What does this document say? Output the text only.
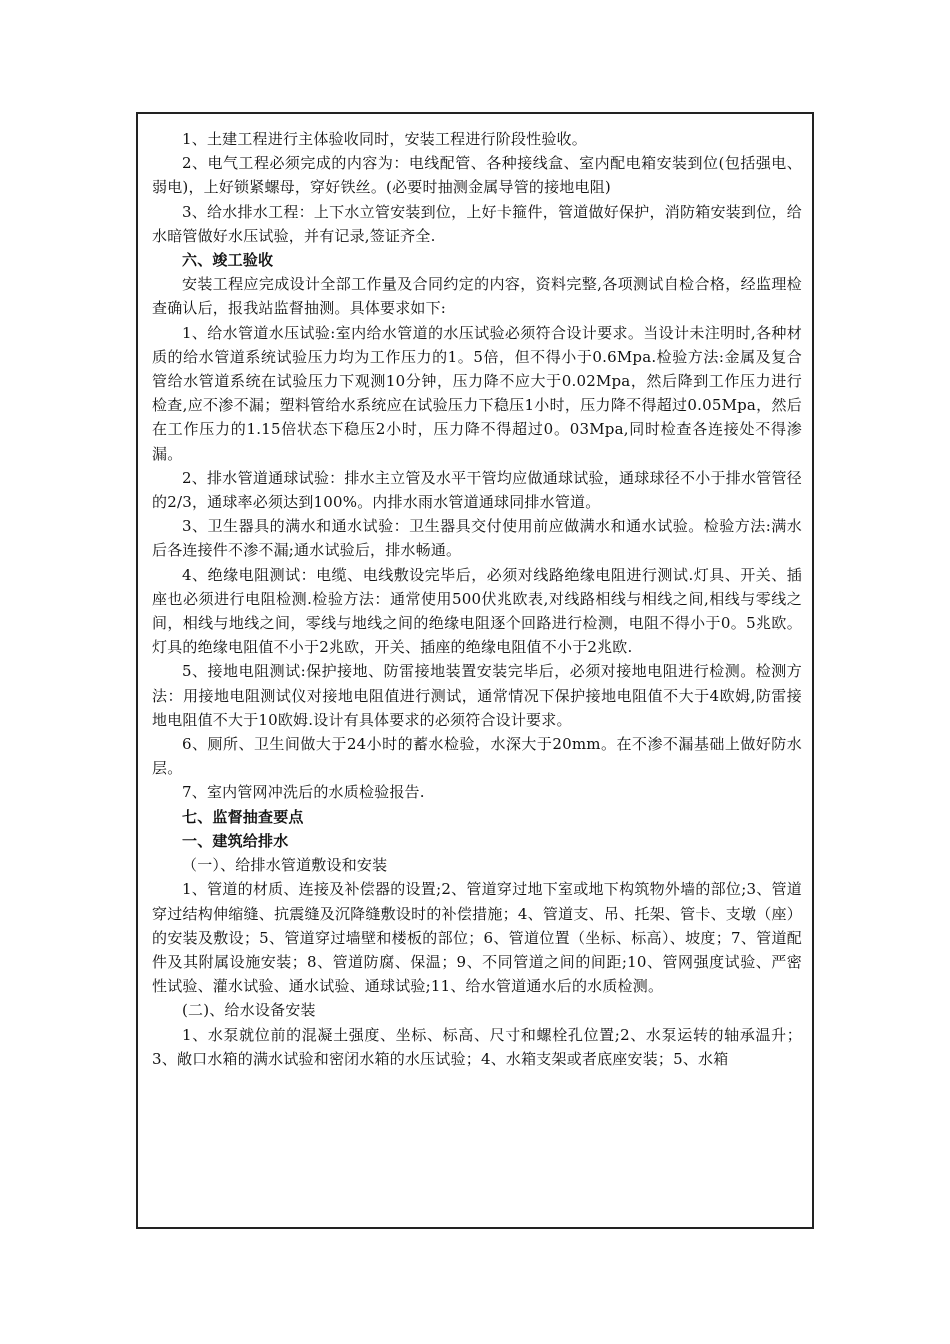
1、土建工程进行主体验收同时，安装工程进行阶段性验收。

2、电气工程必须完成的内容为：电线配管、各种接线盒、室内配电箱安装到位(包括强电、弱电)，上好锁紧螺母，穿好铁丝。(必要时抽测金属导管的接地电阻)

3、给水排水工程：上下水立管安装到位，上好卡箍件，管道做好保护，消防箱安装到位，给水暗管做好水压试验，并有记录,签证齐全.

六、竣工验收

安装工程应完成设计全部工作量及合同约定的内容，资料完整,各项测试自检合格，经监理检查确认后，报我站监督抽测。具体要求如下:

1、给水管道水压试验:室内给水管道的水压试验必须符合设计要求。当设计未注明时,各种材质的给水管道系统试验压力均为工作压力的1。5倍，但不得小于0.6Mpa.检验方法:金属及复合管给水管道系统在试验压力下观测10分钟，压力降不应大于0.02Mpa，然后降到工作压力进行检查,应不渗不漏；塑料管给水系统应在试验压力下稳压1小时，压力降不得超过0.05Mpa，然后在工作压力的1.15倍状态下稳压2小时，压力降不得超过0。03Mpa,同时检查各连接处不得渗漏。

2、排水管道通球试验：排水主立管及水平干管均应做通球试验，通球球径不小于排水管管径的2/3，通球率必须达到100%。内排水雨水管道通球同排水管道。

3、卫生器具的满水和通水试验：卫生器具交付使用前应做满水和通水试验。检验方法:满水后各连接件不渗不漏;通水试验后，排水畅通。

4、绝缘电阻测试：电缆、电线敷设完毕后，必须对线路绝缘电阻进行测试.灯具、开关、插座也必须进行电阻检测.检验方法：通常使用500伏兆欧表,对线路相线与相线之间,相线与零线之间，相线与地线之间，零线与地线之间的绝缘电阻逐个回路进行检测，电阻不得小于0。5兆欧。灯具的绝缘电阻值不小于2兆欧，开关、插座的绝缘电阻值不小于2兆欧.

5、接地电阻测试:保护接地、防雷接地装置安装完毕后，必须对接地电阻进行检测。检测方法：用接地电阻测试仪对接地电阻值进行测试，通常情况下保护接地电阻值不大于4欧姆,防雷接地电阻值不大于10欧姆.设计有具体要求的必须符合设计要求。

6、厕所、卫生间做大于24小时的蓄水检验，水深大于20mm。在不渗不漏基础上做好防水层。

7、室内管网冲洗后的水质检验报告.

七、监督抽查要点

一、建筑给排水

（一）、给排水管道敷设和安装

1、管道的材质、连接及补偿器的设置;2、管道穿过地下室或地下构筑物外墙的部位;3、管道穿过结构伸缩缝、抗震缝及沉降缝敷设时的补偿措施；4、管道支、吊、托架、管卡、支墩（座）的安装及敷设；5、管道穿过墙壁和楼板的部位；6、管道位置（坐标、标高）、坡度；7、管道配件及其附属设施安装；8、管道防腐、保温；9、不同管道之间的间距;10、管网强度试验、严密性试验、灌水试验、通水试验、通球试验;11、给水管道通水后的水质检测。

(二)、给水设备安装

1、水泵就位前的混凝土强度、坐标、标高、尺寸和螺栓孔位置;2、水泵运转的轴承温升；3、敞口水箱的满水试验和密闭水箱的水压试验；4、水箱支架或者底座安装；5、水箱
